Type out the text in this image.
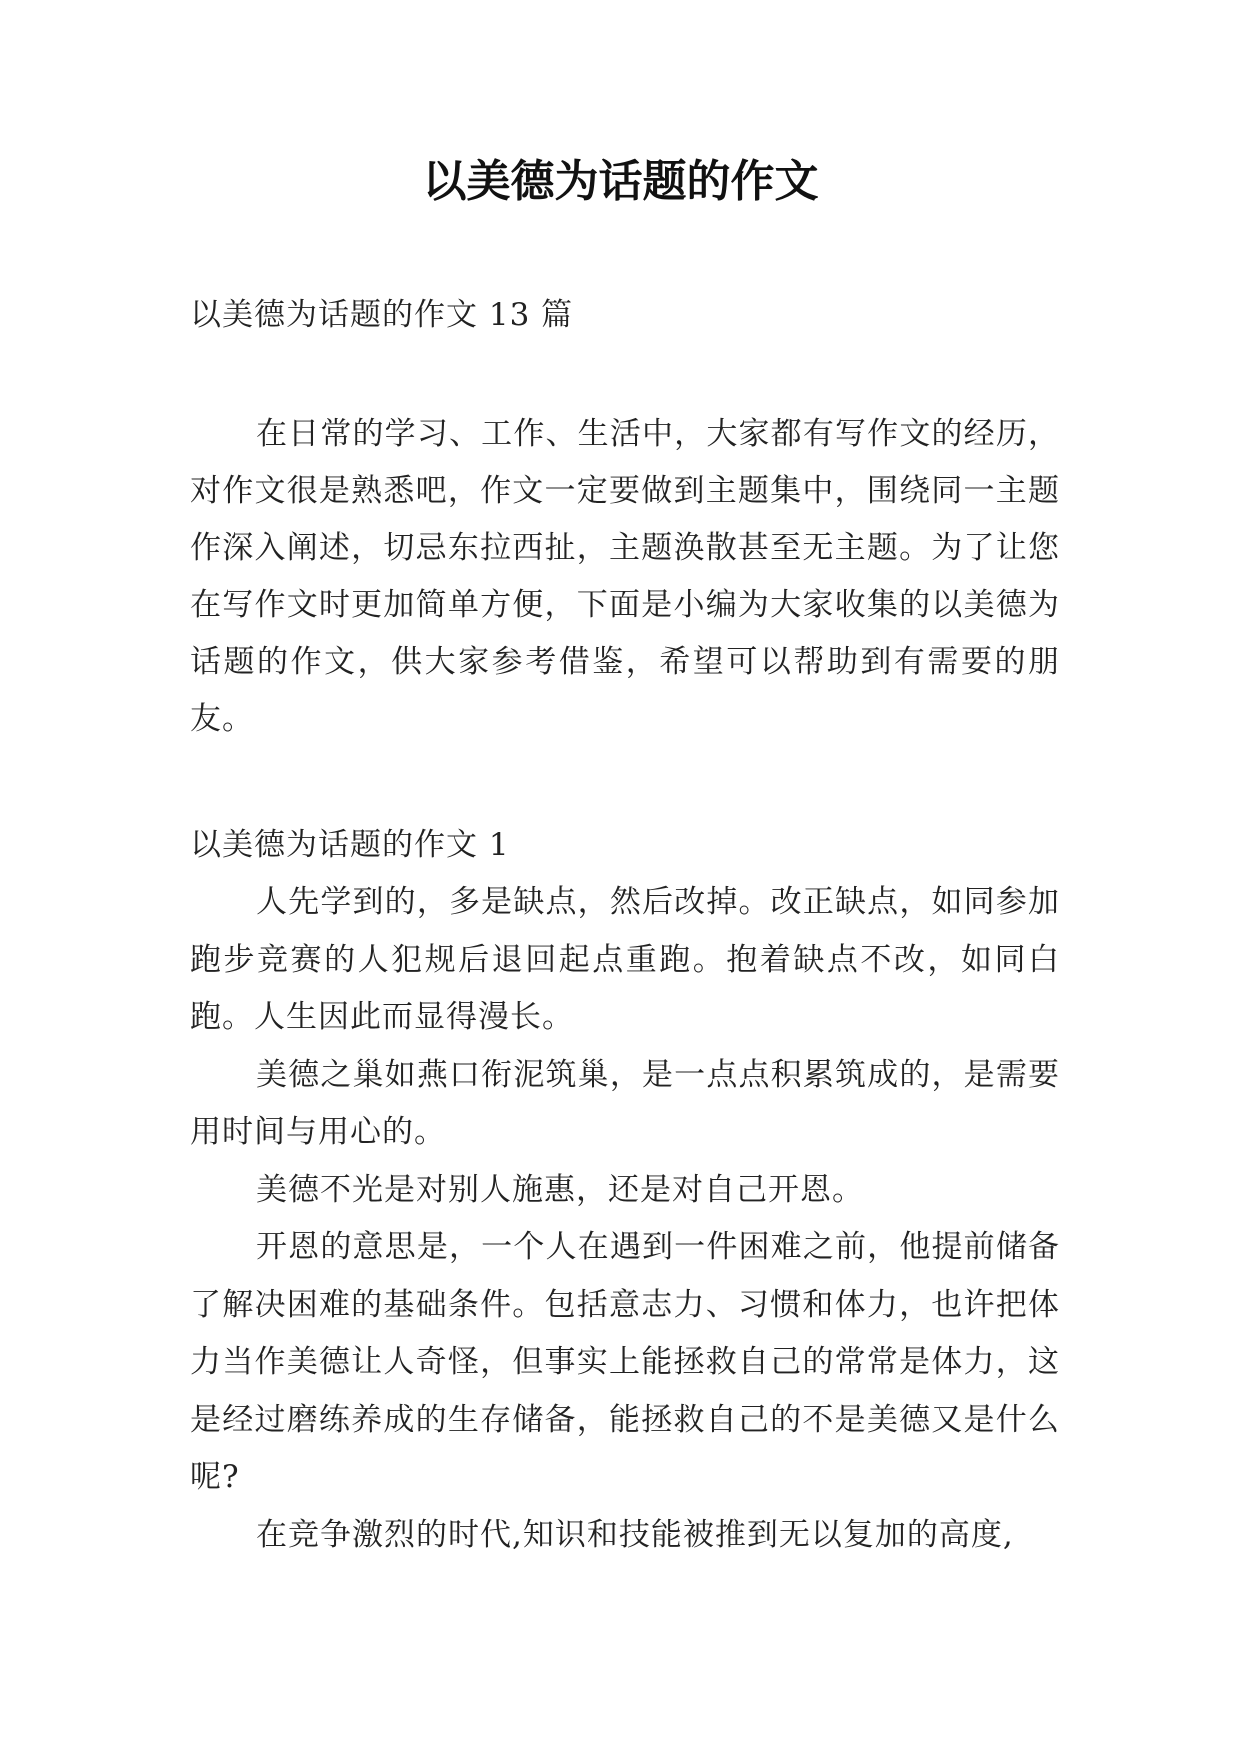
以美德为话题的作文

以美德为话题的作文 13 篇

在日常的学习、工作、生活中，大家都有写作文的经历，对作文很是熟悉吧，作文一定要做到主题集中，围绕同一主题作深入阐述，切忌东拉西扯，主题涣散甚至无主题。为了让您在写作文时更加简单方便，下面是小编为大家收集的以美德为话题的作文，供大家参考借鉴，希望可以帮助到有需要的朋友。

以美德为话题的作文 1

人先学到的，多是缺点，然后改掉。改正缺点，如同参加跑步竞赛的人犯规后退回起点重跑。抱着缺点不改，如同白跑。人生因此而显得漫长。

美德之巢如燕口衔泥筑巢，是一点点积累筑成的，是需要用时间与用心的。

美德不光是对别人施惠，还是对自己开恩。

开恩的意思是，一个人在遇到一件困难之前，他提前储备了解决困难的基础条件。包括意志力、习惯和体力，也许把体力当作美德让人奇怪，但事实上能拯救自己的常常是体力，这是经过磨练养成的生存储备，能拯救自己的不是美德又是什么呢?

在竞争激烈的时代,知识和技能被推到无以复加的高度,
